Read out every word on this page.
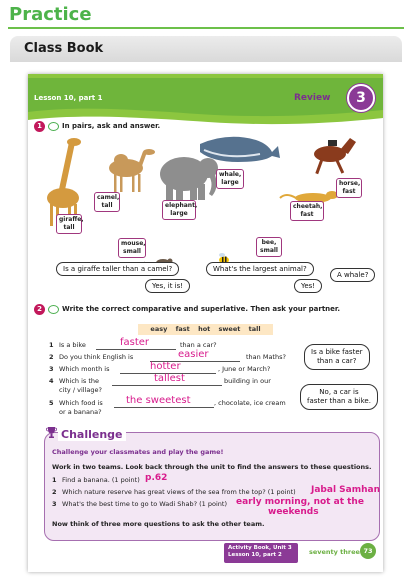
Practice
Class Book
Lesson 10, part 1	Review	3
1	In pairs, ask and answer.
giraffe,
tall
camel,
tall	elephant,
large
whale,
large
cheetah,
fast
horse,
fast
mouse,
small
bee,
small
Is a giraffe taller than a camel?
Yes, it is!
What's the largest animal?
Yes!
A whale?
2	Write the correct comparative and superlative. Then ask your partner.
easy fast hot sweet tall
1 Is a bike	faster	than a car?
2 Do you think English is	easier	than Maths?
3 Which month is	hotter	, June or March?
4 Which is the	tallest	building in our
city / village?
5 Which food is the sweetest	, chocolate, ice cream
or a banana?
Is a bike faster
than a car?
No, a car is
faster than a bike.
Challenge
Challenge your classmates and play the game!
Work in two teams. Look back through the unit to find the answers to these questions.
1 Find a banana. (1 point) p.62
2 Which nature reserve has great views of the sea from the top? (1 point) Jabal Samhan
3 What's the best time to go to Wadi Shab? (1 point) early morning, not at the
weekends
Now think of three more questions to ask the other team.
Activity Book, Unit 3
Lesson 10, part 2	seventy three 73
